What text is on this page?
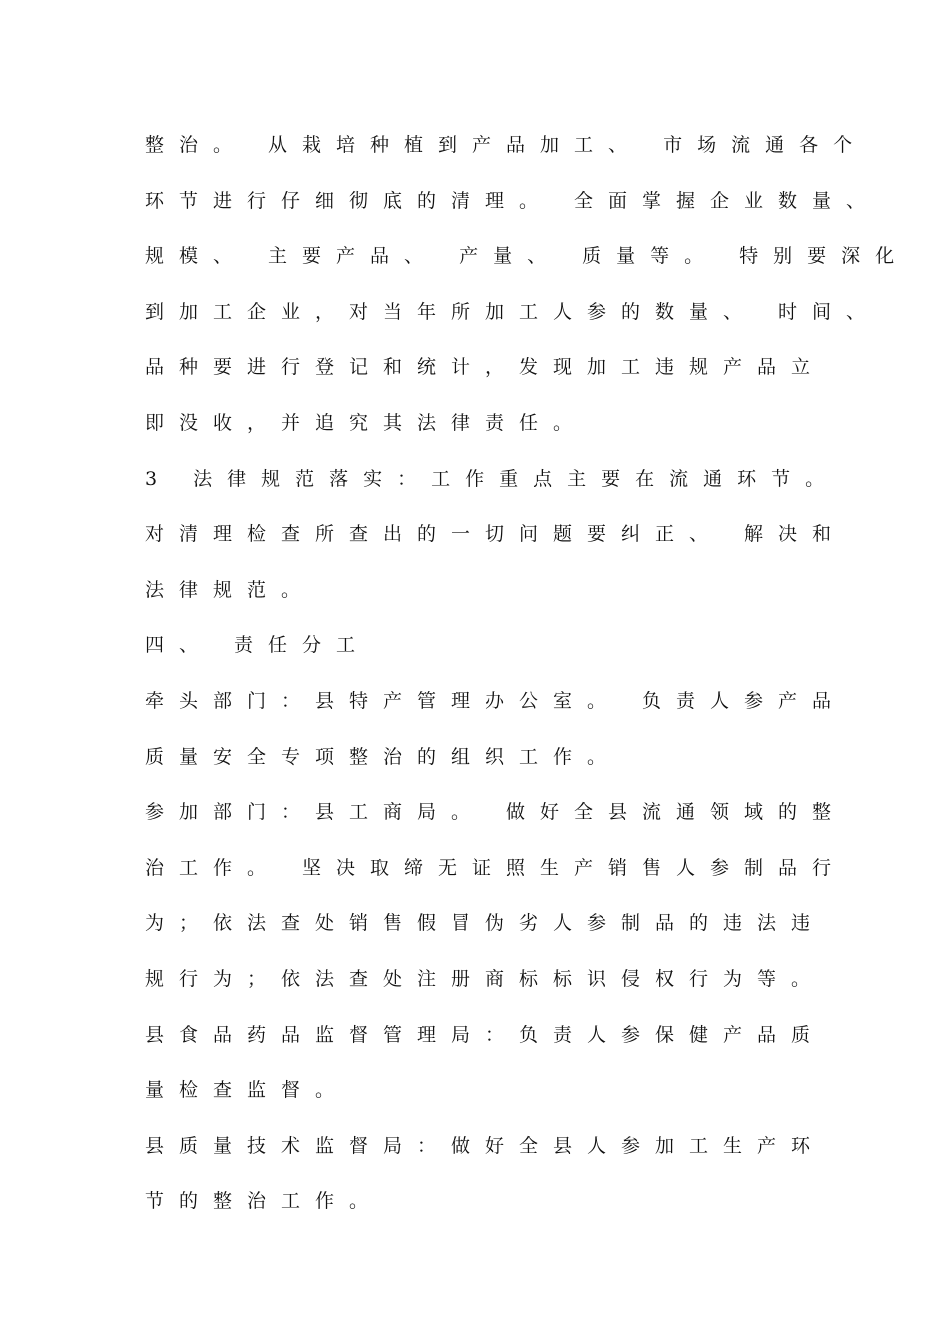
整治。 从栽培种植到产品加工、 市场流通各个
环节进行仔细彻底的清理。 全面掌握企业数量、
规模、 主要产品、 产量、 质量等。 特别要深化
到加工企业，对当年所加工人参的数量、 时间、
品种要进行登记和统计，发现加工违规产品立
即没收，并追究其法律责任。
3 法律规范落实：工作重点主要在流通环节。
对清理检查所查出的一切问题要纠正、 解决和
法律规范。
四、 责任分工
牵头部门：县特产管理办公室。 负责人参产品
质量安全专项整治的组织工作。
参加部门：县工商局。 做好全县流通领域的整
治工作。 坚决取缔无证照生产销售人参制品行
为；依法查处销售假冒伪劣人参制品的违法违
规行为；依法查处注册商标标识侵权行为等。
县食品药品监督管理局：负责人参保健产品质
量检查监督。
县质量技术监督局：做好全县人参加工生产环
节的整治工作。
